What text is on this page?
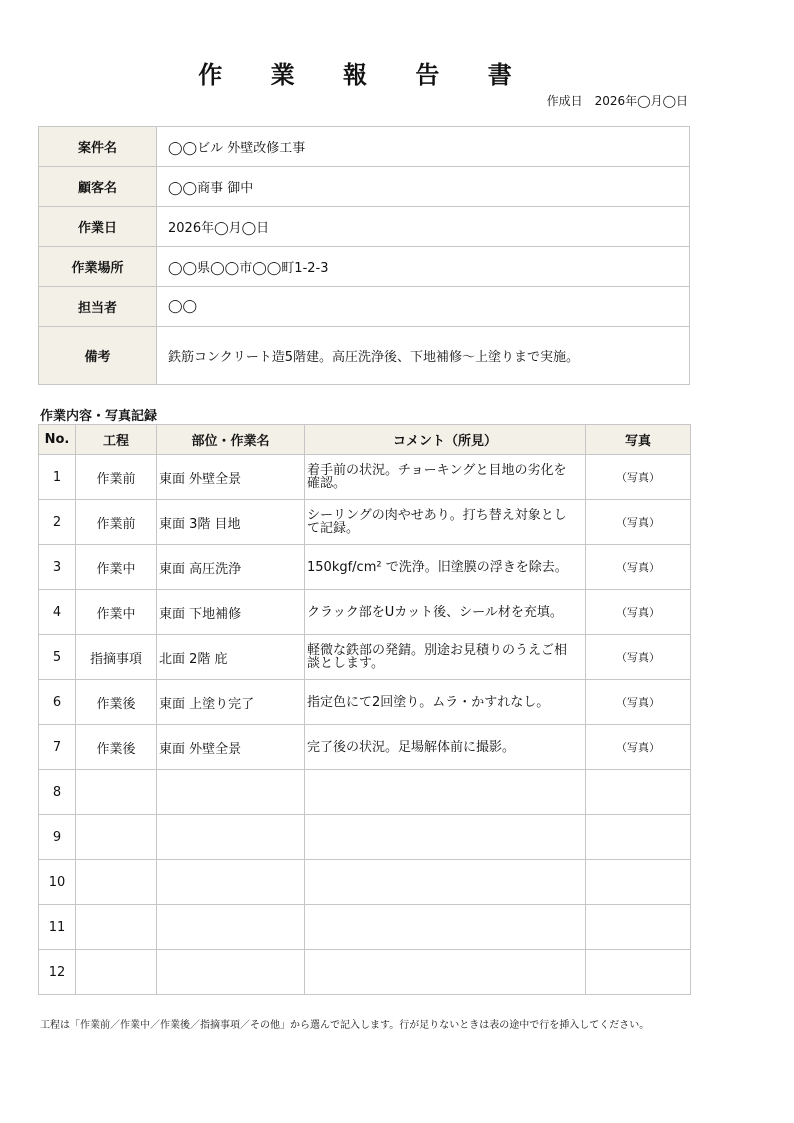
作 業 報 告 書
作成日　2026年◯月◯日
案件名	◯◯ビル 外壁改修工事
顧客名	◯◯商事 御中
作業日	2026年◯月◯日
作業場所	◯◯県◯◯市◯◯町1-2-3
担当者	◯◯
備考	鉄筋コンクリート造5階建。高圧洗浄後、下地補修〜上塗りまで実施。
作業内容・写真記録
No.	工程	部位・作業名	コメント（所見）	写真
1	作業前	東面 外壁全景	着手前の状況。チョーキングと目地の劣化を確認。	（写真）
2	作業前	東面 3階 目地	シーリングの肉やせあり。打ち替え対象として記録。	（写真）
3	作業中	東面 高圧洗浄	150kgf/cm² で洗浄。旧塗膜の浮きを除去。	（写真）
4	作業中	東面 下地補修	クラック部をUカット後、シール材を充填。	（写真）
5	指摘事項	北面 2階 庇	軽微な鉄部の発錆。別途お見積りのうえご相談とします。	（写真）
6	作業後	東面 上塗り完了	指定色にて2回塗り。ムラ・かすれなし。	（写真）
7	作業後	東面 外壁全景	完了後の状況。足場解体前に撮影。	（写真）
8				
9				
10				
11				
12				
工程は「作業前／作業中／作業後／指摘事項／その他」から選んで記入します。行が足りないときは表の途中で行を挿入してください。
